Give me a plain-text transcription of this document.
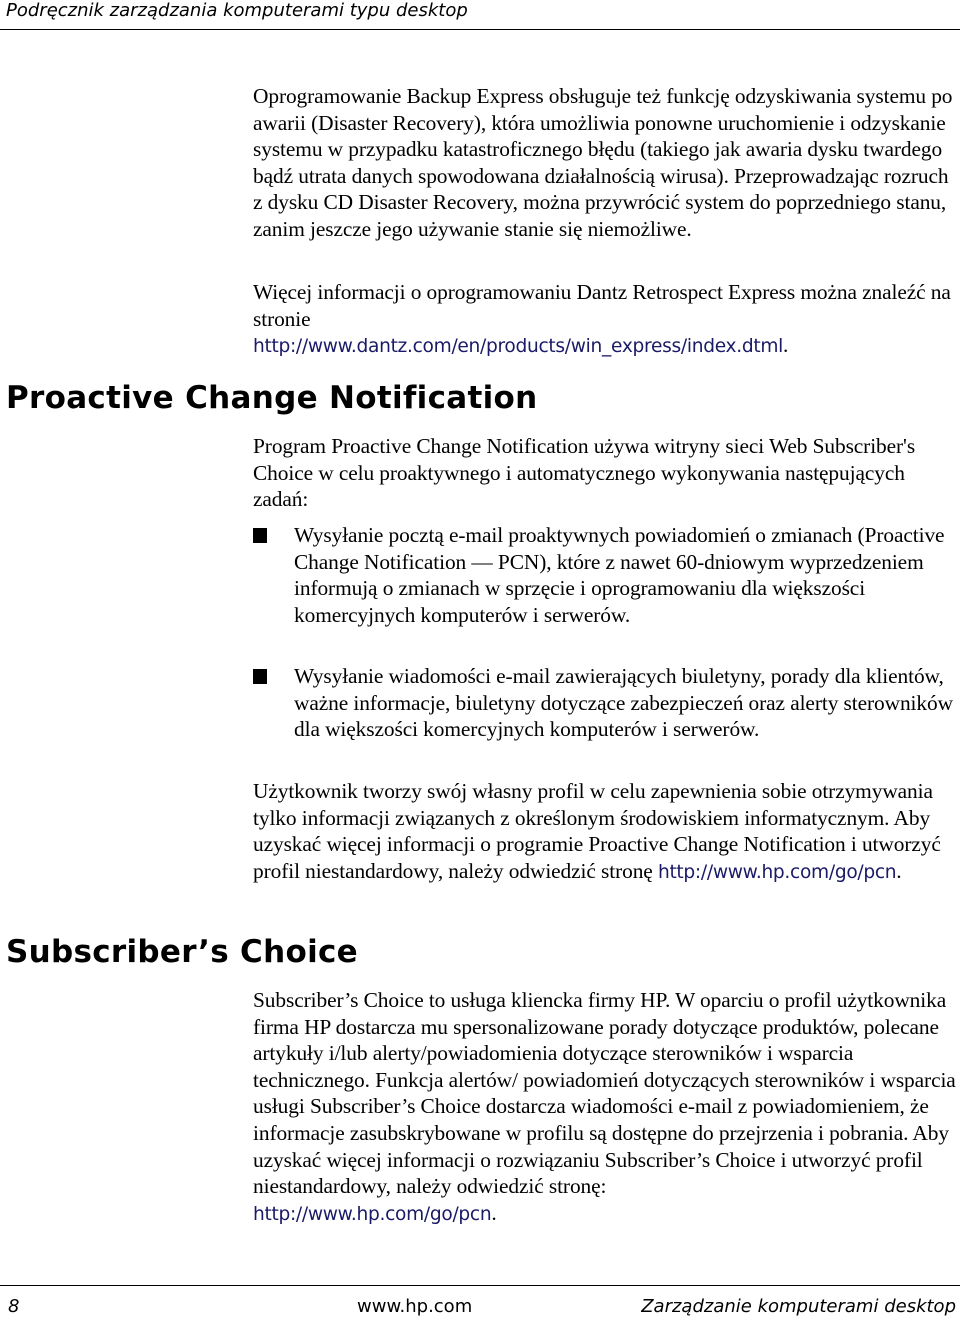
Podręcznik zarządzania komputerami typu desktop

Oprogramowanie Backup Express obsługuje też funkcję odzyskiwania systemu po awarii (Disaster Recovery), która umożliwia ponowne uruchomienie i odzyskanie systemu w przypadku katastroficznego błędu (takiego jak awaria dysku twardego bądź utrata danych spowodowana działalnością wirusa). Przeprowadzając rozruch z dysku CD Disaster Recovery, można przywrócić system do poprzedniego stanu, zanim jeszcze jego używanie stanie się niemożliwe.

Więcej informacji o oprogramowaniu Dantz Retrospect Express można znaleźć na stronie
http://www.dantz.com/en/products/win_express/index.dtml.

Proactive Change Notification
Program Proactive Change Notification używa witryny sieci Web Subscriber's Choice w celu proaktywnego i automatycznego wykonywania następujących zadań:
Wysyłanie pocztą e-mail proaktywnych powiadomień o zmianach (Proactive Change Notification — PCN), które z nawet 60-dniowym wyprzedzeniem informują o zmianach w sprzęcie i oprogramowaniu dla większości komercyjnych komputerów i serwerów.
Wysyłanie wiadomości e-mail zawierających biuletyny, porady dla klientów, ważne informacje, biuletyny dotyczące zabezpieczeń oraz alerty sterowników dla większości komercyjnych komputerów i serwerów.

Użytkownik tworzy swój własny profil w celu zapewnienia sobie otrzymywania tylko informacji związanych z określonym środowiskiem informatycznym. Aby uzyskać więcej informacji o programie Proactive Change Notification i utworzyć profil niestandardowy, należy odwiedzić stronę http://www.hp.com/go/pcn.

Subscriber’s Choice

Subscriber’s Choice to usługa kliencka firmy HP. W oparciu o profil użytkownika firma HP dostarcza mu spersonalizowane porady dotyczące produktów, polecane artykuły i/lub alerty/powiadomienia dotyczące sterowników i wsparcia technicznego. Funkcja alertów/ powiadomień dotyczących sterowników i wsparcia usługi Subscriber’s Choice dostarcza wiadomości e-mail z powiadomieniem, że informacje zasubskrybowane w profilu są dostępne do przejrzenia i pobrania. Aby uzyskać więcej informacji o rozwiązaniu Subscriber’s Choice i utworzyć profil niestandardowy, należy odwiedzić stronę:
http://www.hp.com/go/pcn.

8	www.hp.com	Zarządzanie komputerami desktop
